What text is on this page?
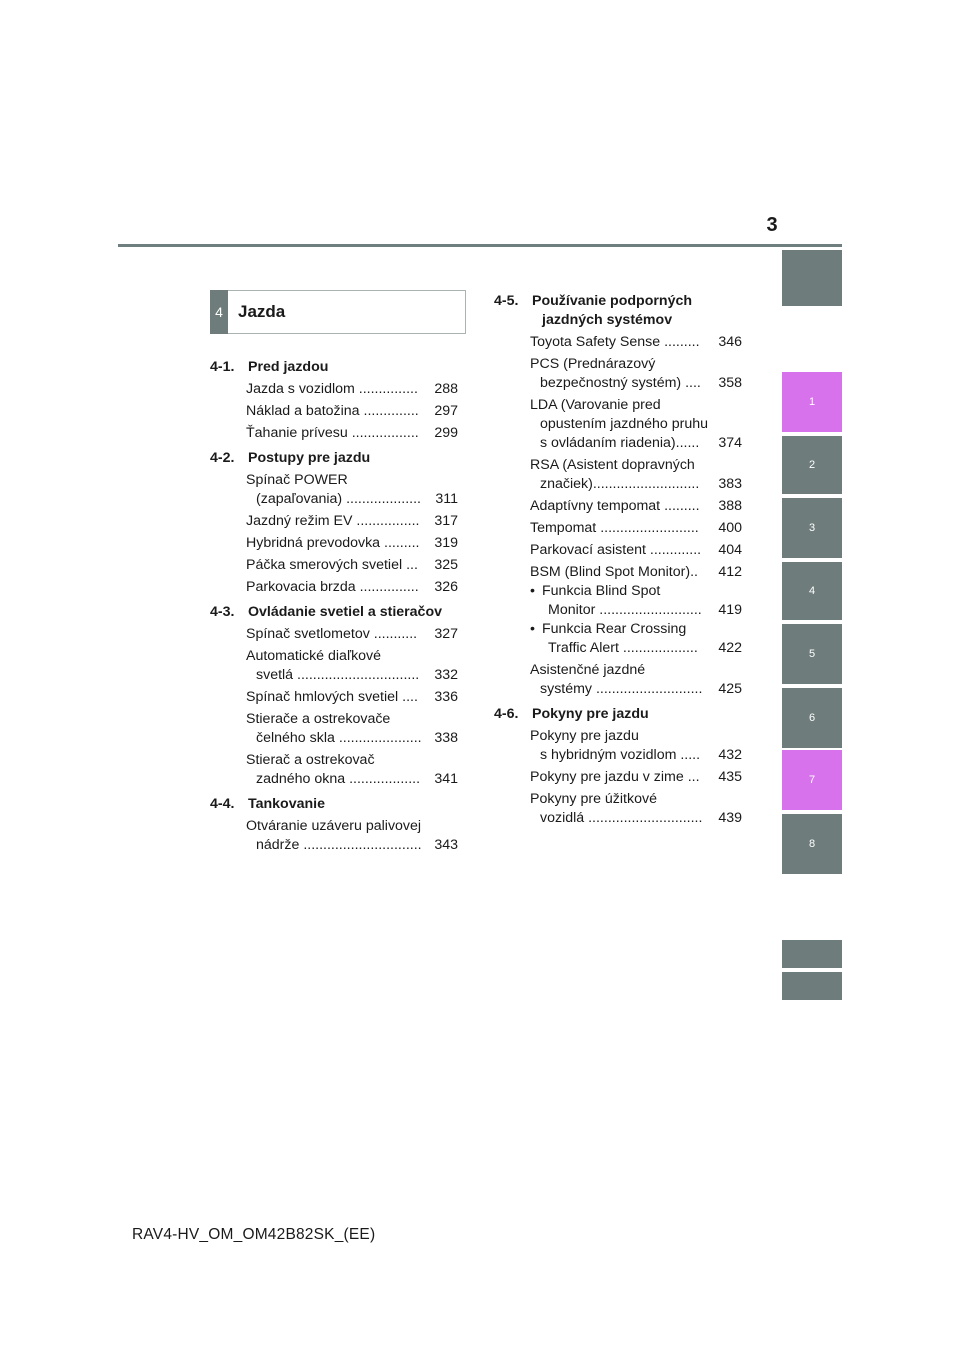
3
1
2
3
4
5
6
7
8
4 Jazda
4-1. Pred jazdou
Jazda s vozidlom ...............	288
Náklad a batožina ..............	297
Ťahanie prívesu .................	299
4-2. Postupy pre jazdu
Spínač POWER
(zapaľovania) ...................	311
Jazdný režim EV ................	317
Hybridná prevodovka .........	319
Páčka smerových svetiel ...	325
Parkovacia brzda ...............	326
4-3. Ovládanie svetiel a stieračov
Spínač svetlometov ...........	327
Automatické diaľkové
svetlá ...............................	332
Spínač hmlových svetiel ....	336
Stierače a ostrekovače
čelného skla ..................... 338
Stierač a ostrekovač
zadného okna ..................	341
4-4. Tankovanie
Otváranie uzáveru palivovej
nádrže .............................. 343
4-5. Používanie podporných
jazdných systémov
Toyota Safety Sense .........	346
PCS (Prednárazový
bezpečnostný systém) ....	358
LDA (Varovanie pred
opustením jazdného pruhu
s ovládaním riadenia)......	374
RSA (Asistent dopravných
značiek)...........................	383
Adaptívny tempomat .........	388
Tempomat .........................	400
Parkovací asistent .............	404
BSM (Blind Spot Monitor)..	412
• Funkcia Blind Spot
Monitor ..........................	419
• Funkcia Rear Crossing
Traffic Alert ...................	422
Asistenčné jazdné
systémy ...........................	425
4-6. Pokyny pre jazdu
Pokyny pre jazdu
s hybridným vozidlom .....	432
Pokyny pre jazdu v zime ...	435
Pokyny pre úžitkové
vozidlá .............................	439
RAV4-HV_OM_OM42B82SK_(EE)
